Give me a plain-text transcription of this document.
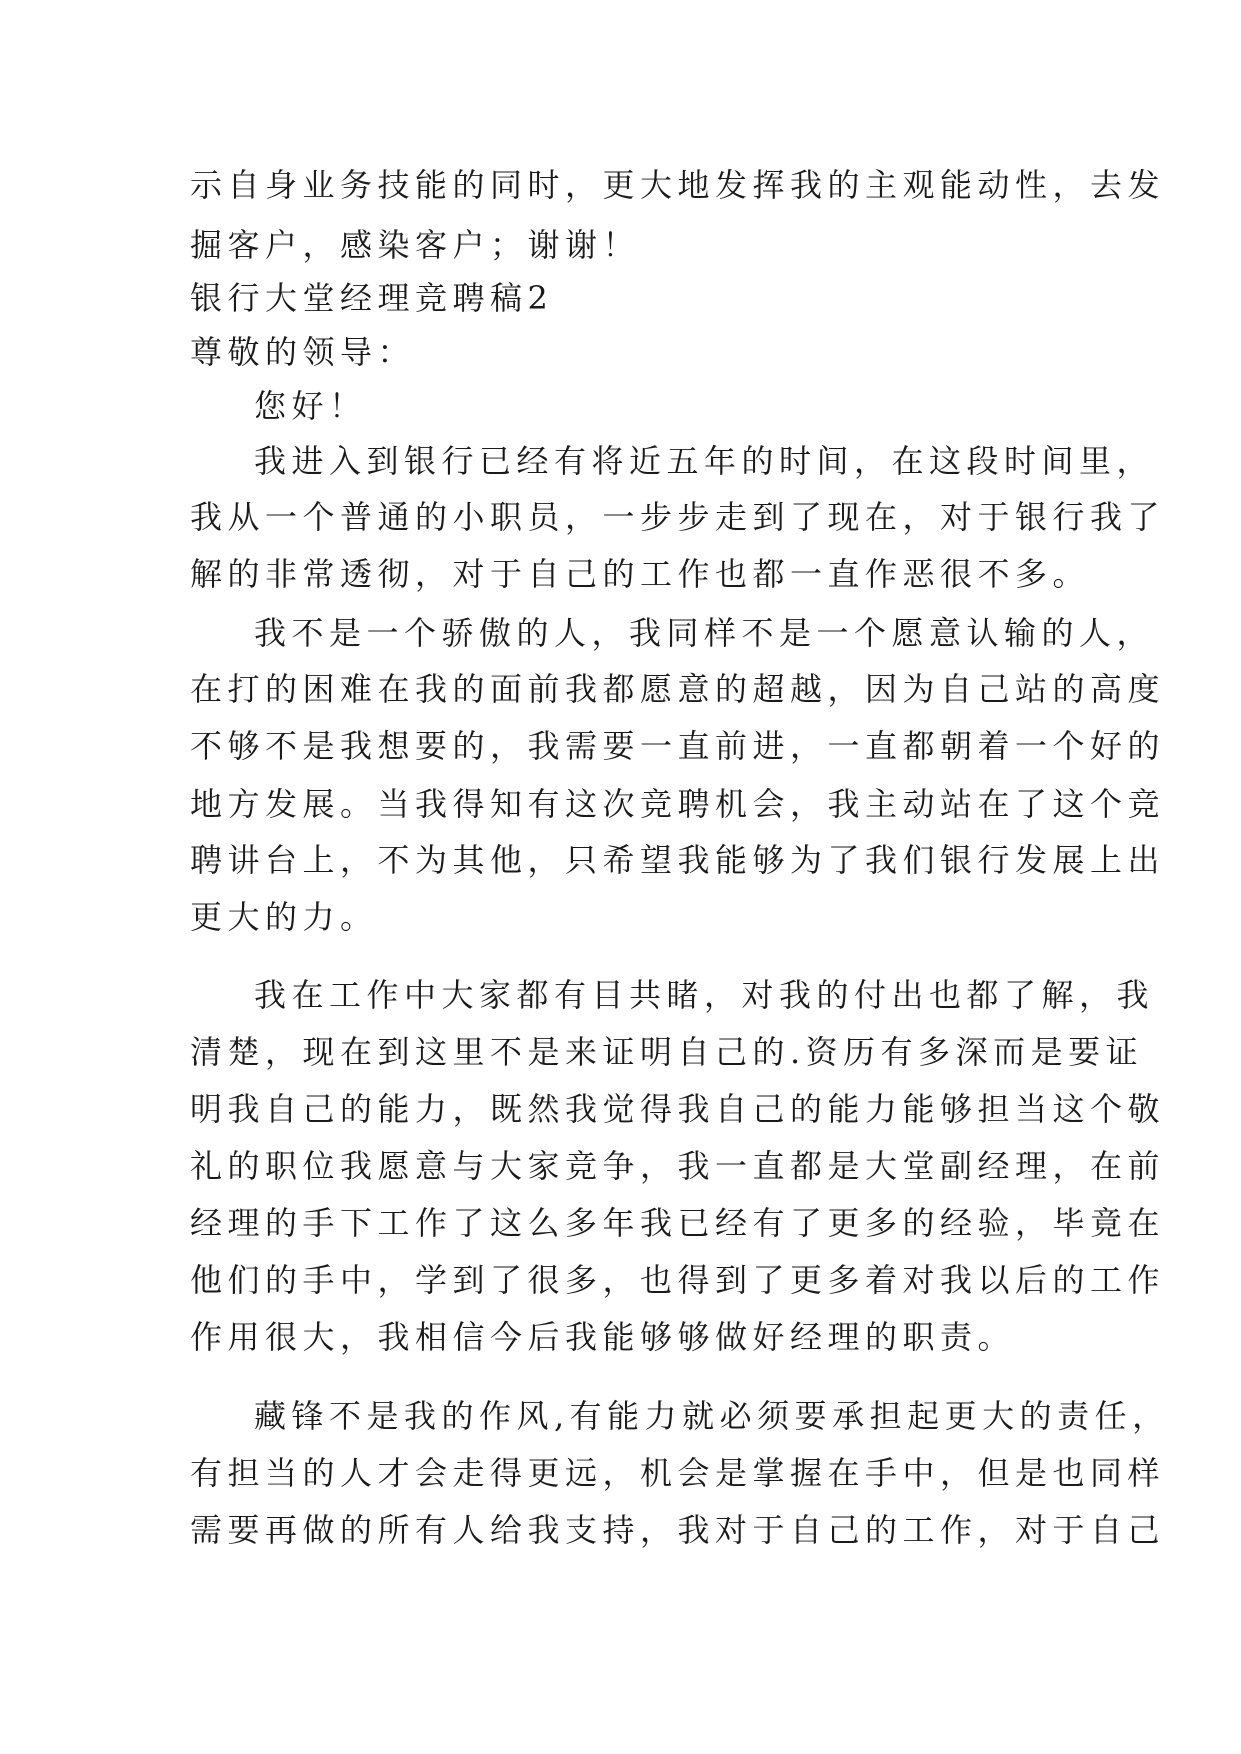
示自身业务技能的同时，更大地发挥我的主观能动性，去发

掘客户，感染客户；谢谢！

银行大堂经理竞聘稿2

尊敬的领导：

您好！

我进入到银行已经有将近五年的时间，在这段时间里，

我从一个普通的小职员，一步步走到了现在，对于银行我了

解的非常透彻，对于自己的工作也都一直作恶很不多。

我不是一个骄傲的人，我同样不是一个愿意认输的人，

在打的困难在我的面前我都愿意的超越，因为自己站的高度

不够不是我想要的，我需要一直前进，一直都朝着一个好的

地方发展。当我得知有这次竞聘机会，我主动站在了这个竞

聘讲台上，不为其他，只希望我能够为了我们银行发展上出

更大的力。

我在工作中大家都有目共睹，对我的付出也都了解，我

清楚，现在到这里不是来证明自己的.资历有多深而是要证

明我自己的能力，既然我觉得我自己的能力能够担当这个敬

礼的职位我愿意与大家竞争，我一直都是大堂副经理，在前

经理的手下工作了这么多年我已经有了更多的经验，毕竟在

他们的手中，学到了很多，也得到了更多着对我以后的工作

作用很大，我相信今后我能够够做好经理的职责。

藏锋不是我的作风,有能力就必须要承担起更大的责任，

有担当的人才会走得更远，机会是掌握在手中，但是也同样

需要再做的所有人给我支持，我对于自己的工作，对于自己
